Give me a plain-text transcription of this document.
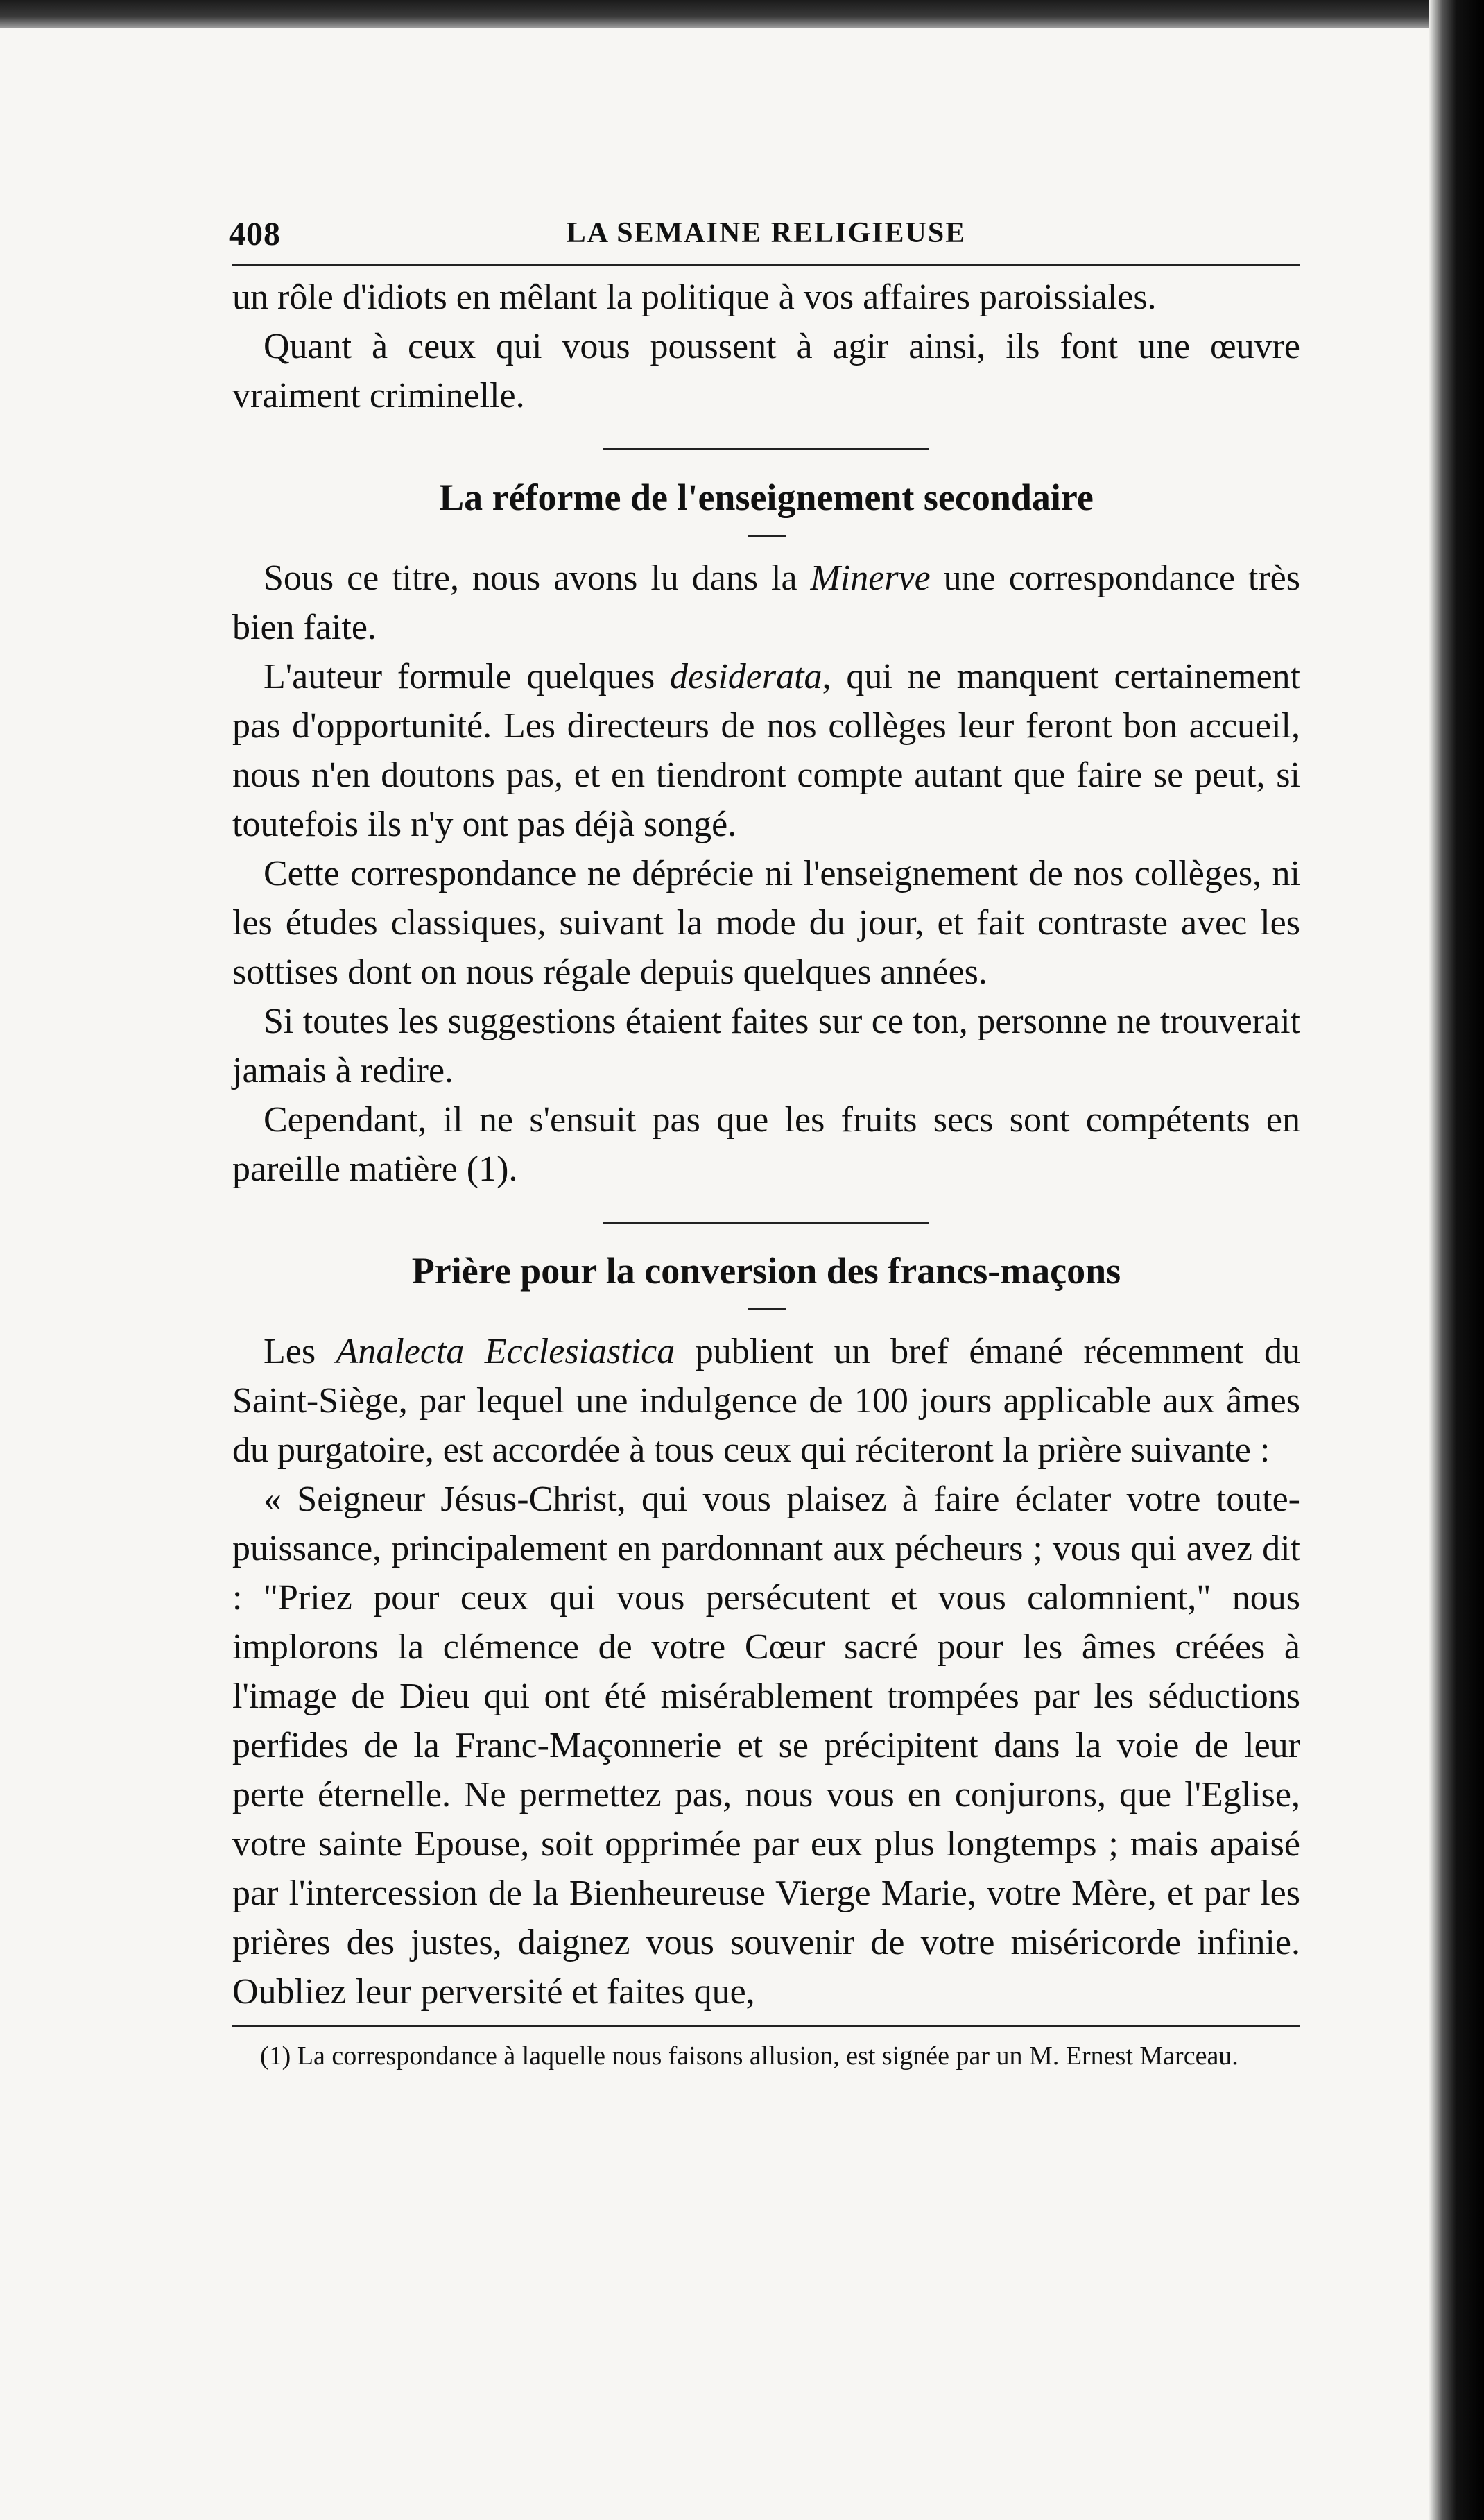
408	LA SEMAINE RELIGIEUSE

un rôle d'idiots en mêlant la politique à vos affaires paroissiales.

Quant à ceux qui vous poussent à agir ainsi, ils font une œuvre vraiment criminelle.

La réforme de l'enseignement secondaire

Sous ce titre, nous avons lu dans la Minerve une correspondance très bien faite.

L'auteur formule quelques desiderata, qui ne manquent certainement pas d'opportunité. Les directeurs de nos collèges leur feront bon accueil, nous n'en doutons pas, et en tiendront compte autant que faire se peut, si toutefois ils n'y ont pas déjà songé.

Cette correspondance ne déprécie ni l'enseignement de nos collèges, ni les études classiques, suivant la mode du jour, et fait contraste avec les sottises dont on nous régale depuis quelques années.

Si toutes les suggestions étaient faites sur ce ton, personne ne trouverait jamais à redire.

Cependant, il ne s'ensuit pas que les fruits secs sont compétents en pareille matière (1).

Prière pour la conversion des francs-maçons

Les Analecta Ecclesiastica publient un bref émané récemment du Saint-Siège, par lequel une indulgence de 100 jours applicable aux âmes du purgatoire, est accordée à tous ceux qui réciteront la prière suivante :

« Seigneur Jésus-Christ, qui vous plaisez à faire éclater votre toute-puissance, principalement en pardonnant aux pécheurs ; vous qui avez dit : "Priez pour ceux qui vous persécutent et vous calomnient," nous implorons la clémence de votre Cœur sacré pour les âmes créées à l'image de Dieu qui ont été misérablement trompées par les séductions perfides de la Franc-Maçonnerie et se précipitent dans la voie de leur perte éternelle. Ne permettez pas, nous vous en conjurons, que l'Eglise, votre sainte Epouse, soit opprimée par eux plus longtemps ; mais apaisé par l'intercession de la Bienheureuse Vierge Marie, votre Mère, et par les prières des justes, daignez vous souvenir de votre miséricorde infinie. Oubliez leur perversité et faites que,

(1) La correspondance à laquelle nous faisons allusion, est signée par un M. Ernest Marceau.
